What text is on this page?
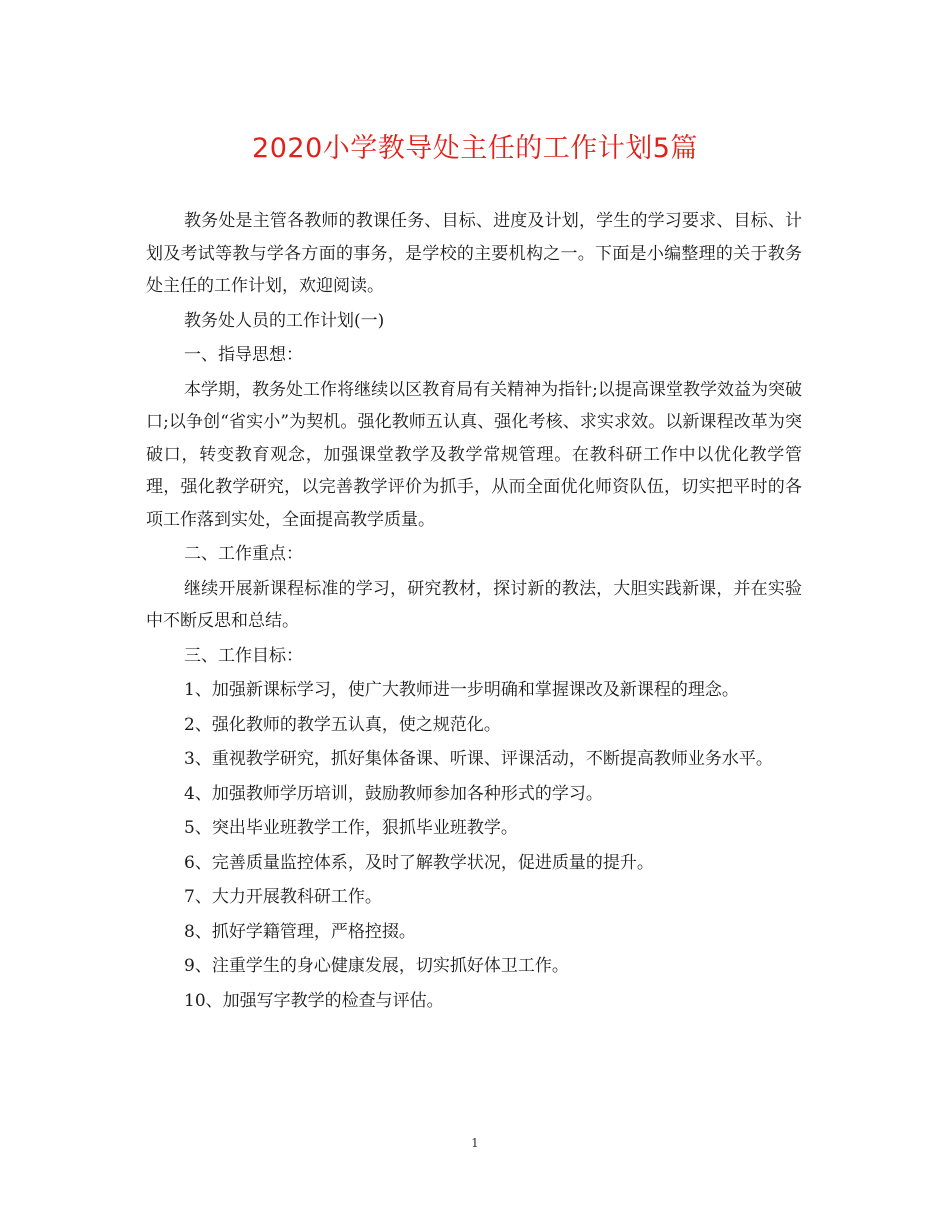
2020小学教导处主任的工作计划5篇

教务处是主管各教师的教课任务、目标、进度及计划，学生的学习要求、目标、计划及考试等教与学各方面的事务，是学校的主要机构之一。下面是小编整理的关于教务处主任的工作计划，欢迎阅读。

教务处人员的工作计划(一)

一、指导思想：

本学期，教务处工作将继续以区教育局有关精神为指针;以提高课堂教学效益为突破口;以争创“省实小”为契机。强化教师五认真、强化考核、求实求效。以新课程改革为突破口，转变教育观念，加强课堂教学及教学常规管理。在教科研工作中以优化教学管理，强化教学研究，以完善教学评价为抓手，从而全面优化师资队伍，切实把平时的各项工作落到实处，全面提高教学质量。

二、工作重点：

继续开展新课程标准的学习，研究教材，探讨新的教法，大胆实践新课，并在实验中不断反思和总结。

三、工作目标：

1、加强新课标学习，使广大教师进一步明确和掌握课改及新课程的理念。

2、强化教师的教学五认真，使之规范化。

3、重视教学研究，抓好集体备课、听课、评课活动，不断提高教师业务水平。

4、加强教师学历培训，鼓励教师参加各种形式的学习。

5、突出毕业班教学工作，狠抓毕业班教学。

6、完善质量监控体系，及时了解教学状况，促进质量的提升。

7、大力开展教科研工作。

8、抓好学籍管理，严格控掇。

9、注重学生的身心健康发展，切实抓好体卫工作。

10、加强写字教学的检查与评估。

1
